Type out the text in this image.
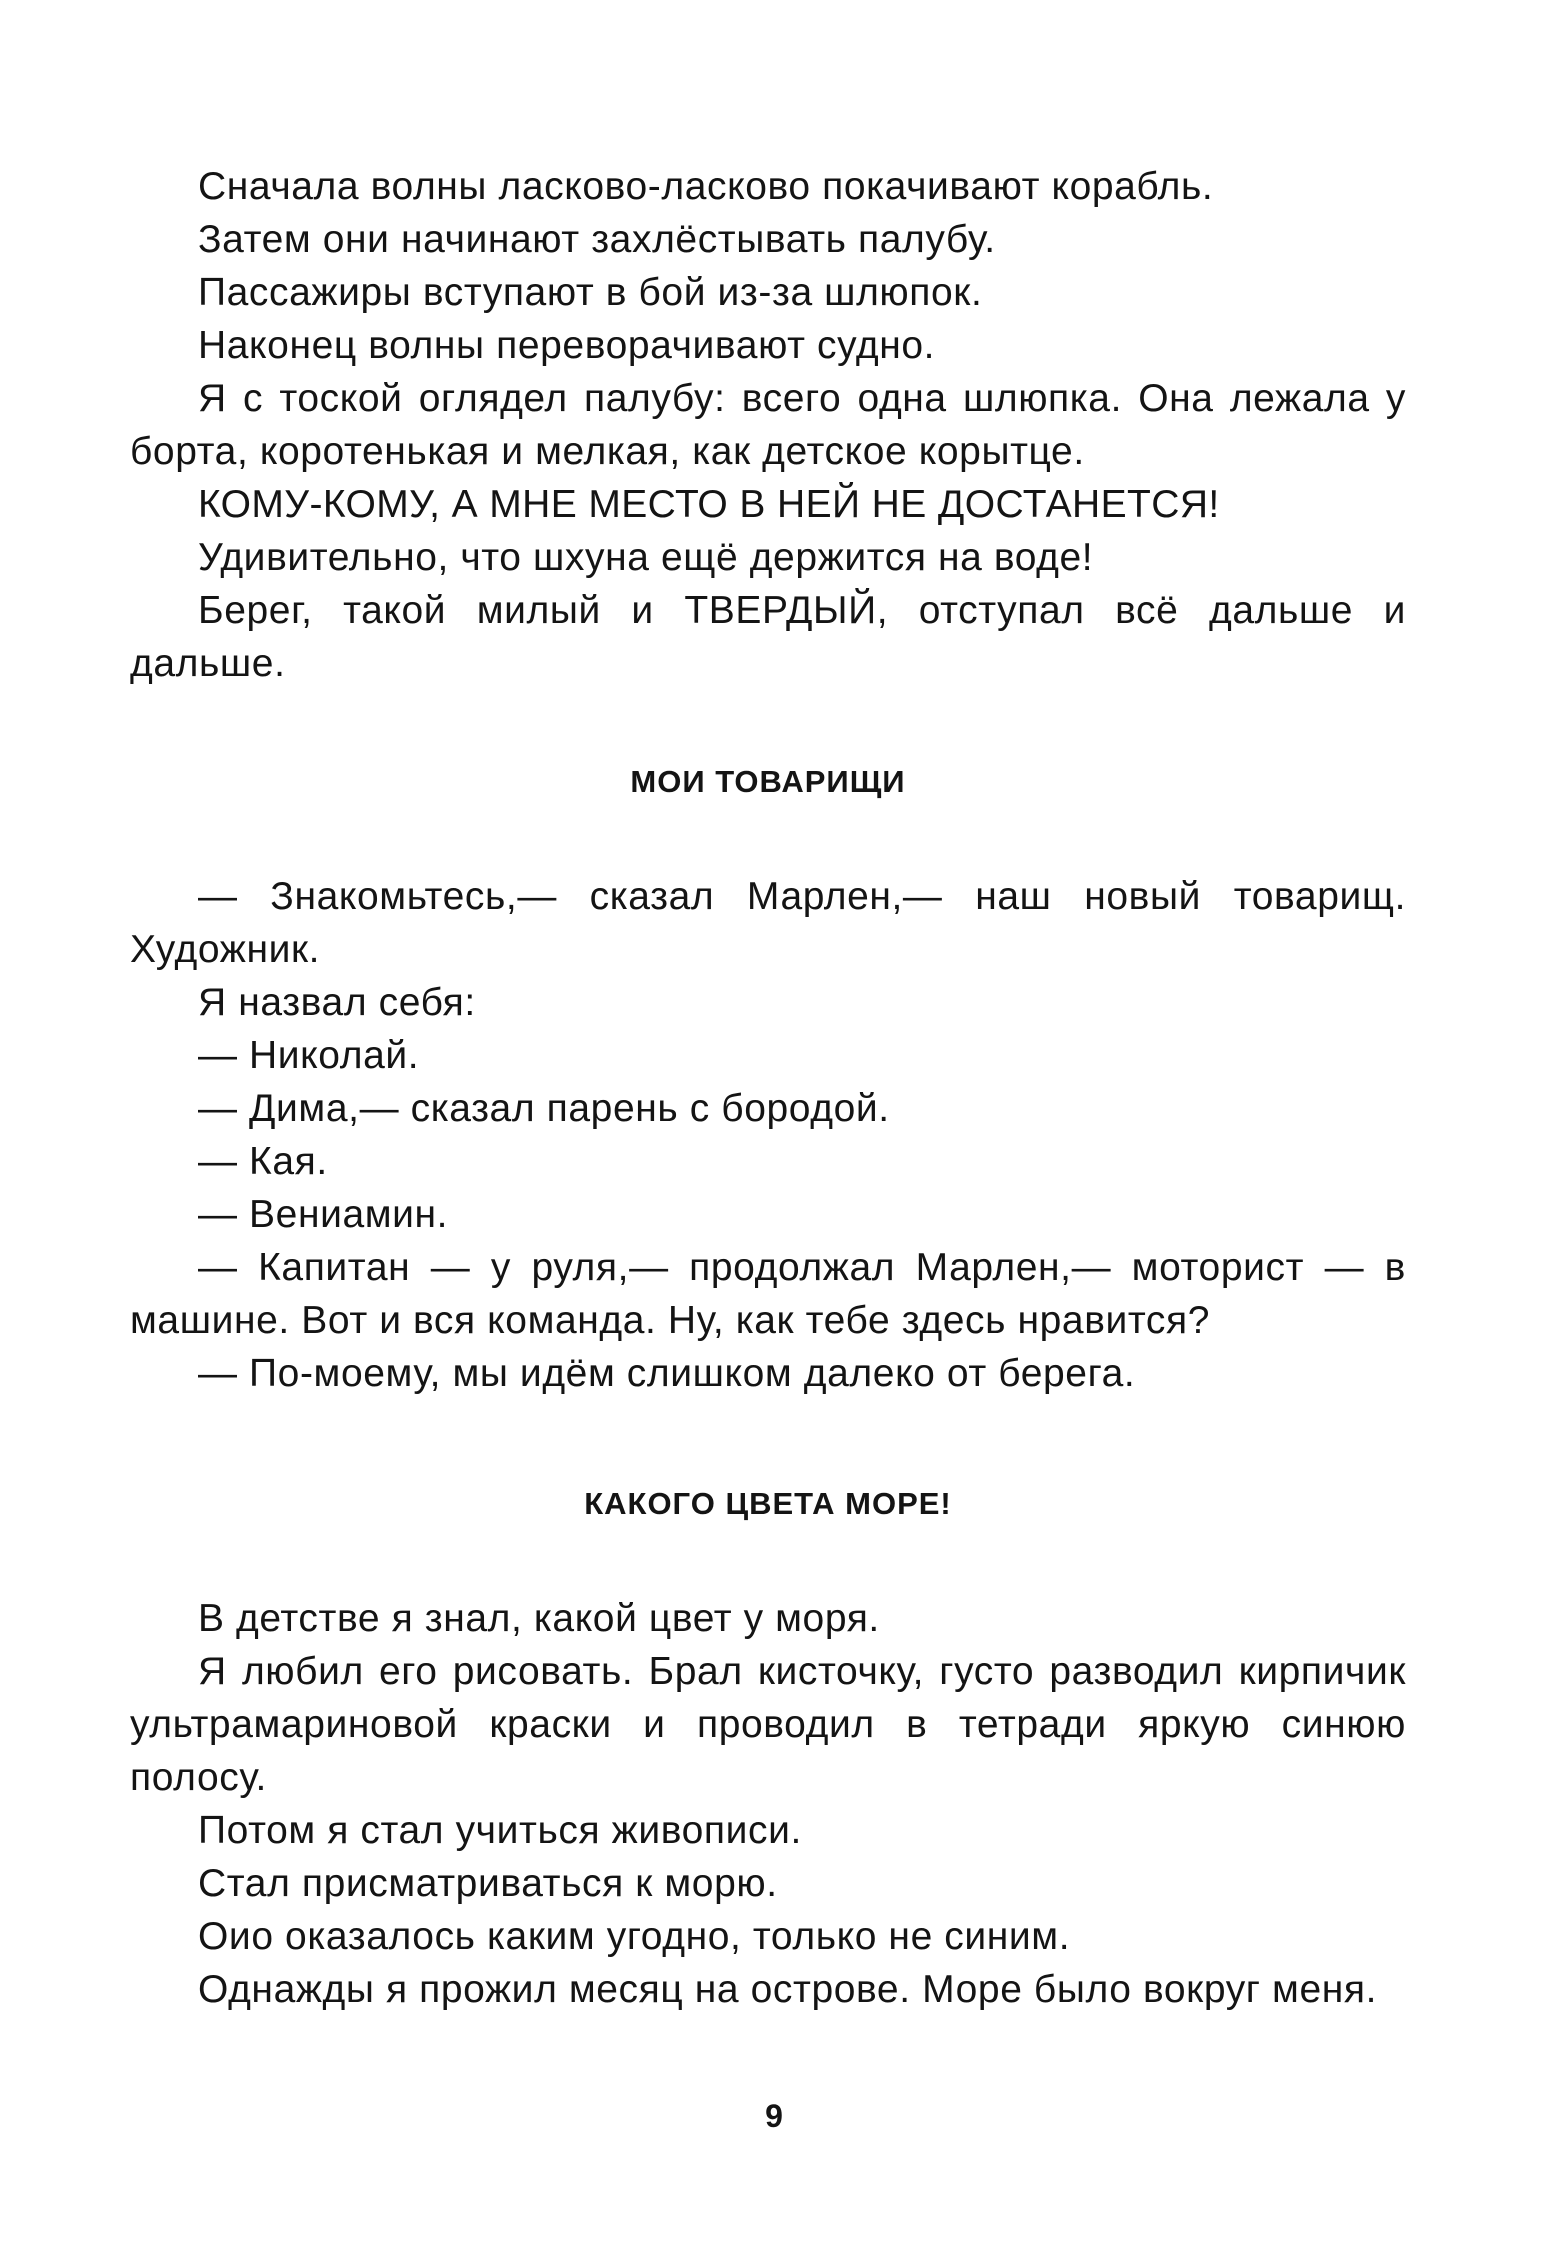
Сначала волны ласково-ласково покачивают корабль.

Затем они начинают захлёстывать палубу.

Пассажиры вступают в бой из-за шлюпок.

Наконец волны переворачивают судно.

Я с тоской оглядел палубу: всего одна шлюпка. Она лежала у борта, коротенькая и мелкая, как детское корытце.

КОМУ-КОМУ, А МНЕ МЕСТО В НЕЙ НЕ ДОСТАНЕТСЯ!

Удивительно, что шхуна ещё держится на воде!

Берег, такой милый и ТВЕРДЫЙ, отступал всё дальше и дальше.

МОИ ТОВАРИЩИ

— Знакомьтесь,— сказал Марлен,— наш новый товарищ. Художник.

Я назвал себя:

— Николай.

— Дима,— сказал парень с бородой.

— Кая.

— Вениамин.

— Капитан — у руля,— продолжал Марлен,— моторист — в машине. Вот и вся команда. Ну, как тебе здесь нравится?

— По-моему, мы идём слишком далеко от берега.

КАКОГО ЦВЕТА МОРЕ!

В детстве я знал, какой цвет у моря.

Я любил его рисовать. Брал кисточку, густо разводил кирпичик ультрамариновой краски и проводил в тетради яркую синюю полосу.

Потом я стал учиться живописи.

Стал присматриваться к морю.

Оио оказалось каким угодно, только не синим.

Однажды я прожил месяц на острове. Море было вокруг меня.

9
